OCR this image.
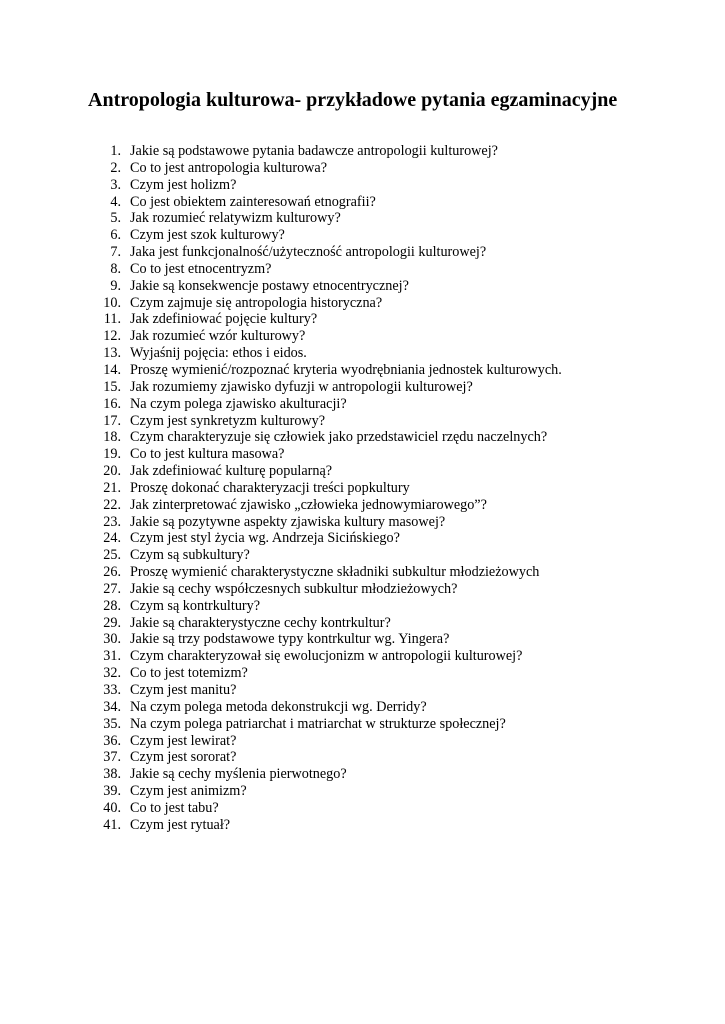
Antropologia kulturowa- przykładowe pytania egzaminacyjne
1. Jakie są podstawowe pytania badawcze antropologii kulturowej?
2. Co to jest antropologia kulturowa?
3. Czym jest holizm?
4. Co jest obiektem zainteresowań etnografii?
5. Jak rozumieć relatywizm kulturowy?
6. Czym jest szok kulturowy?
7. Jaka jest funkcjonalność/użyteczność antropologii kulturowej?
8. Co to jest etnocentryzm?
9. Jakie są konsekwencje postawy etnocentrycznej?
10. Czym zajmuje się antropologia historyczna?
11. Jak zdefiniować pojęcie kultury?
12. Jak rozumieć wzór kulturowy?
13. Wyjaśnij pojęcia: ethos i eidos.
14. Proszę wymienić/rozpoznać kryteria wyodrębniania jednostek kulturowych.
15. Jak rozumiemy zjawisko dyfuzji w antropologii kulturowej?
16. Na czym polega zjawisko akulturacji?
17. Czym jest synkretyzm kulturowy?
18. Czym charakteryzuje się człowiek jako przedstawiciel rzędu naczelnych?
19. Co to jest kultura masowa?
20. Jak zdefiniować kulturę popularną?
21. Proszę dokonać charakteryzacji treści popkultury
22. Jak zinterpretować zjawisko „człowieka jednowymiarowego”?
23. Jakie są pozytywne aspekty zjawiska kultury masowej?
24. Czym jest styl życia wg. Andrzeja Sicińskiego?
25. Czym są subkultury?
26. Proszę wymienić charakterystyczne składniki subkultur młodzieżowych
27. Jakie są cechy współczesnych subkultur młodzieżowych?
28. Czym są kontrkultury?
29. Jakie są charakterystyczne cechy kontrkultur?
30. Jakie są trzy podstawowe typy kontrkultur wg. Yingera?
31. Czym charakteryzował się ewolucjonizm w antropologii kulturowej?
32. Co to jest totemizm?
33. Czym jest manitu?
34. Na czym polega metoda dekonstrukcji wg. Derridy?
35. Na czym polega patriarchat i matriarchat w strukturze społecznej?
36. Czym jest lewirat?
37. Czym jest sororat?
38. Jakie są cechy myślenia pierwotnego?
39. Czym jest animizm?
40. Co to jest tabu?
41. Czym jest rytuał?
